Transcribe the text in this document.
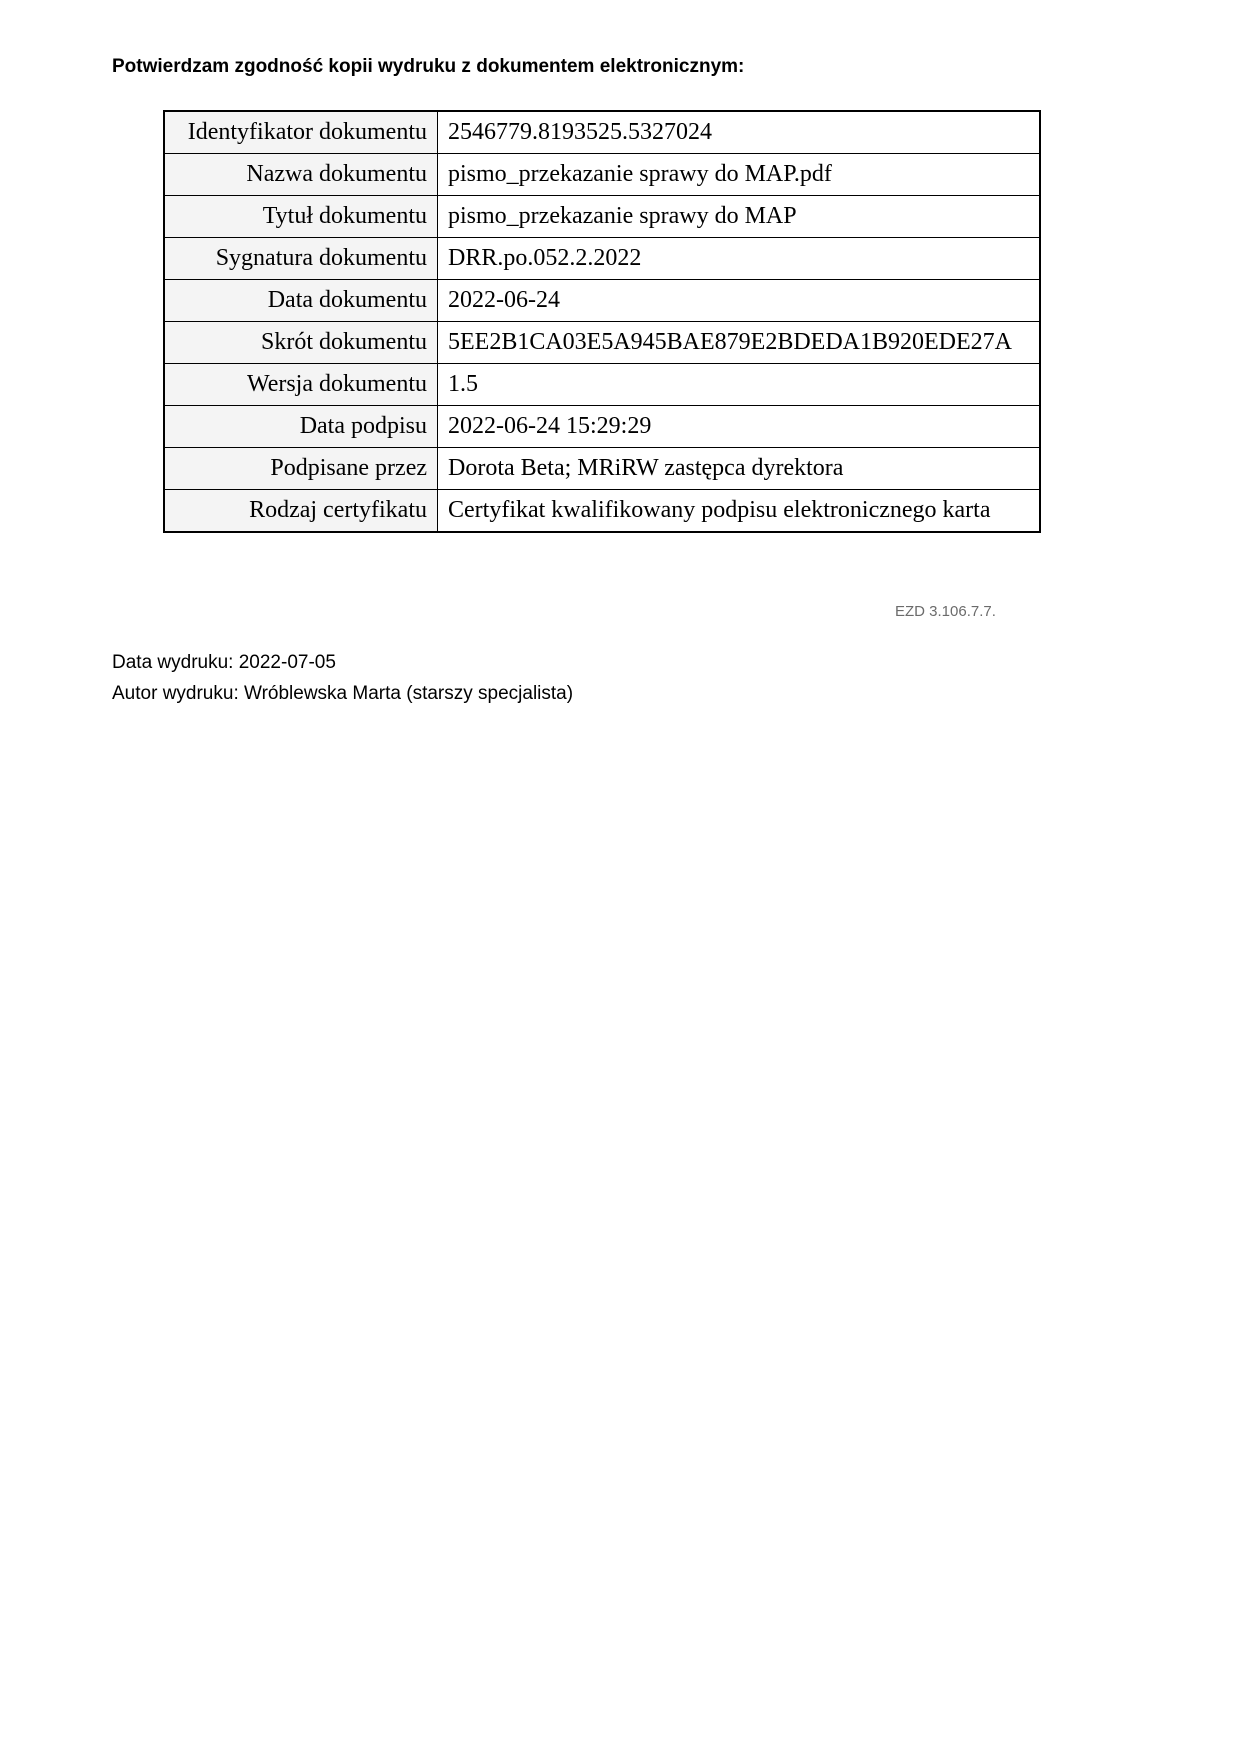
Potwierdzam zgodność kopii wydruku z dokumentem elektronicznym:

Identyfikator dokumentu	2546779.8193525.5327024
Nazwa dokumentu	pismo_przekazanie sprawy do MAP.pdf
Tytuł dokumentu	pismo_przekazanie sprawy do MAP
Sygnatura dokumentu	DRR.po.052.2.2022
Data dokumentu	2022-06-24
Skrót dokumentu	5EE2B1CA03E5A945BAE879E2BDEDA1B920EDE27A
Wersja dokumentu	1.5
Data podpisu	2022-06-24 15:29:29
Podpisane przez	Dorota Beta; MRiRW zastępca dyrektora
Rodzaj certyfikatu	Certyfikat kwalifikowany podpisu elektronicznego karta
EZD 3.106.7.7.
Data wydruku: 2022-07-05
Autor wydruku: Wróblewska Marta (starszy specjalista)
